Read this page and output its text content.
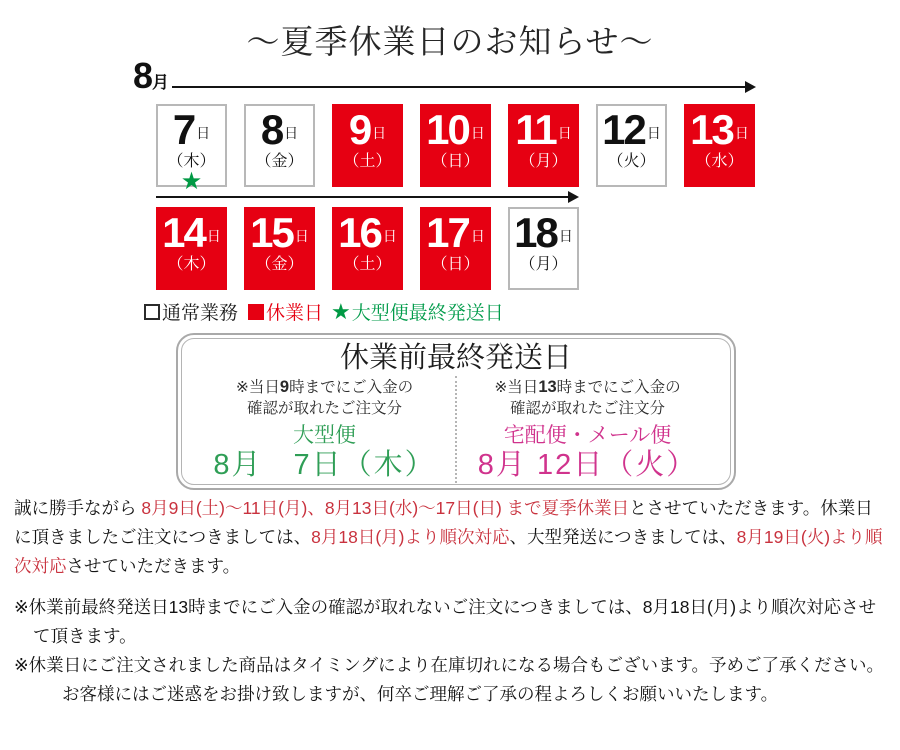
～夏季休業日のお知らせ～
8 月
7 日
（木）
★
8 日
（金）
9 日
（土）
10 日
（日）
11 日
（月）
12 日
（火）
13 日
（水）
14 日
（木）
15 日
（金）
16 日
（土）
17 日
（日）
18 日
（月）
通常業務 休業日 ★ 大型便最終発送日
休業前最終発送日
※当日9時までにご入金の
確認が取れたご注文分
大型便
8月　7日（木）
※当日13時までにご入金の
確認が取れたご注文分
宅配便・メール便
8月 12日（火）

誠に勝手ながら 8月9日(土)～11日(月)、8月13日(水)～17日(日) まで夏季休業日とさせていただきます。休業日に頂きましたご注文につきましては、8月18日(月)より順次対応、大型発送につきましては、8月19日(火)より順次対応させていただきます。

※休業前最終発送日13時までにご入金の確認が取れないご注文につきましては、8月18日(月)より順次対応させて頂きます。

※休業日にご注文されました商品はタイミングにより在庫切れになる場合もございます。予めご了承ください。

お客様にはご迷惑をお掛け致しますが、何卒ご理解ご了承の程よろしくお願いいたします。
